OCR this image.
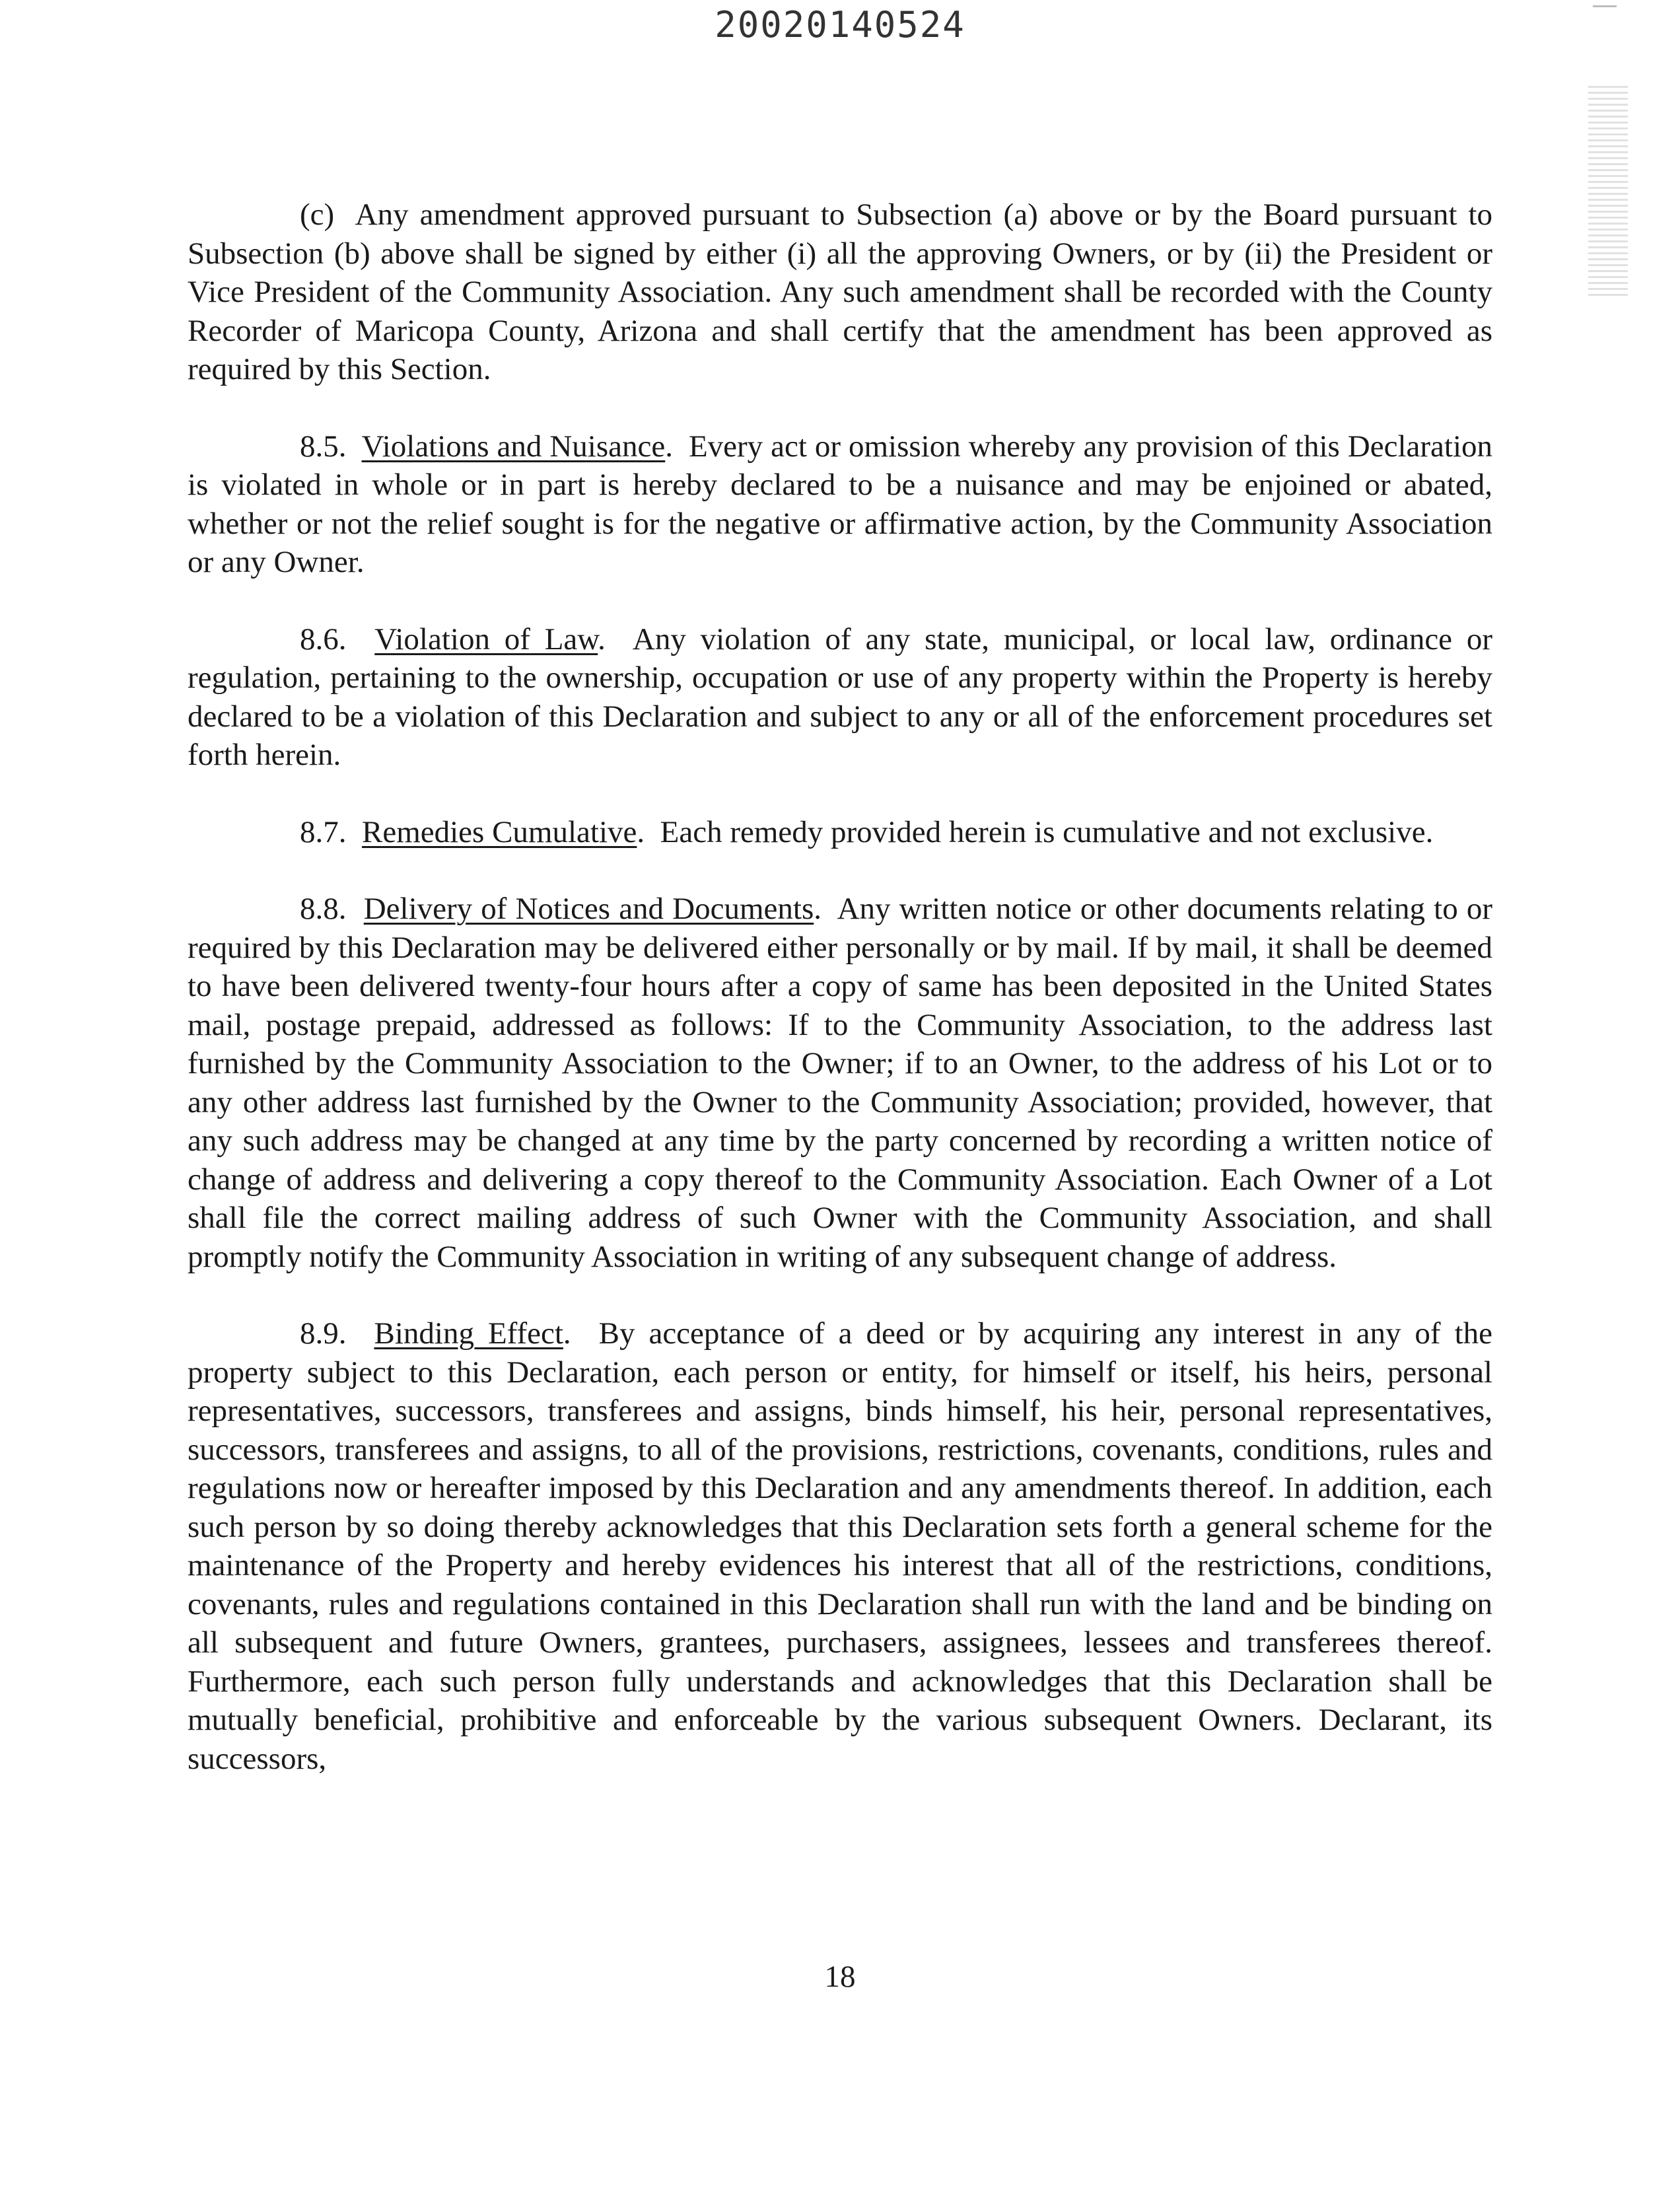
20020140524

(c) Any amendment approved pursuant to Subsection (a) above or by the Board pursuant to Subsection (b) above shall be signed by either (i) all the approving Owners, or by (ii) the President or Vice President of the Community Association. Any such amendment shall be recorded with the County Recorder of Maricopa County, Arizona and shall certify that the amendment has been approved as required by this Section.

8.5. Violations and Nuisance.  Every act or omission whereby any provision of this Declaration is violated in whole or in part is hereby declared to be a nuisance and may be enjoined or abated, whether or not the relief sought is for the negative or affirmative action, by the Community Association or any Owner.

8.6. Violation of Law.  Any violation of any state, municipal, or local law, ordinance or regulation, pertaining to the ownership, occupation or use of any property within the Property is hereby declared to be a violation of this Declaration and subject to any or all of the enforcement procedures set forth herein.

8.7. Remedies Cumulative.  Each remedy provided herein is cumulative and not exclusive.

8.8. Delivery of Notices and Documents.  Any written notice or other documents relating to or required by this Declaration may be delivered either personally or by mail. If by mail, it shall be deemed to have been delivered twenty-four hours after a copy of same has been deposited in the United States mail, postage prepaid, addressed as follows: If to the Community Association, to the address last furnished by the Community Association to the Owner; if to an Owner, to the address of his Lot or to any other address last furnished by the Owner to the Community Association; provided, however, that any such address may be changed at any time by the party concerned by recording a written notice of change of address and delivering a copy thereof to the Community Association. Each Owner of a Lot shall file the correct mailing address of such Owner with the Community Association, and shall promptly notify the Community Association in writing of any subsequent change of address.

8.9. Binding Effect.  By acceptance of a deed or by acquiring any interest in any of the property subject to this Declaration, each person or entity, for himself or itself, his heirs, personal representatives, successors, transferees and assigns, binds himself, his heir, personal representatives, successors, transferees and assigns, to all of the provisions, restrictions, covenants, conditions, rules and regulations now or hereafter imposed by this Declaration and any amendments thereof. In addition, each such person by so doing thereby acknowledges that this Declaration sets forth a general scheme for the maintenance of the Property and hereby evidences his interest that all of the restrictions, conditions, covenants, rules and regulations contained in this Declaration shall run with the land and be binding on all subsequent and future Owners, grantees, purchasers, assignees, lessees and transferees thereof. Furthermore, each such person fully understands and acknowledges that this Declaration shall be mutually beneficial, prohibitive and enforceable by the various subsequent Owners. Declarant, its successors,

18
